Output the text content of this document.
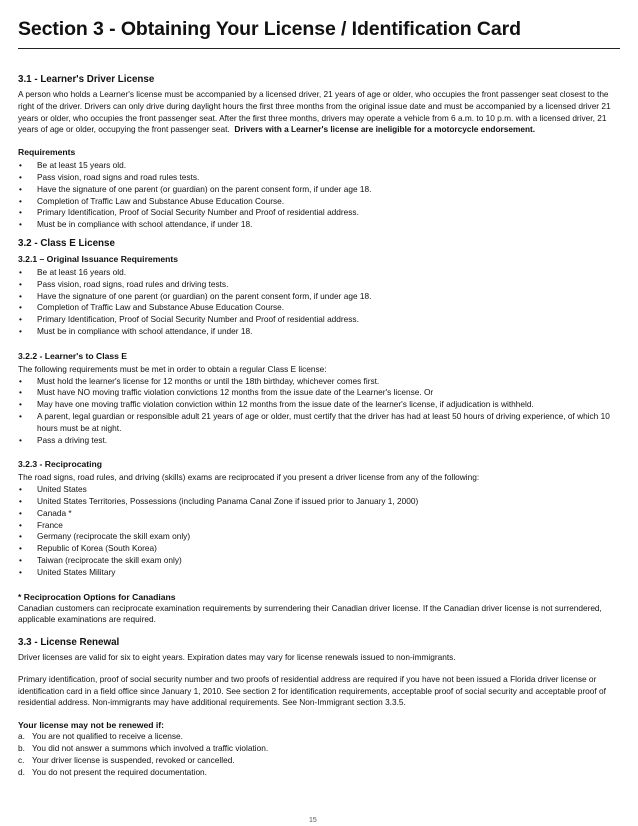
Section 3 - Obtaining Your License / Identification Card
3.1 - Learner's Driver License

A person who holds a Learner's license must be accompanied by a licensed driver, 21 years of age or older, who occupies the front passenger seat closest to the right of the driver. Drivers can only drive during daylight hours the first three months from the original issue date and must be accompanied by a licensed driver 21 years or older, who occupies the front passenger seat. After the first three months, drivers may operate a vehicle from 6 a.m. to 10 p.m. with a licensed driver, 21 years of age or older, occupying the front passenger seat. Drivers with a Learner's license are ineligible for a motorcycle endorsement.

Requirements
• Be at least 15 years old.
• Pass vision, road signs and road rules tests.
• Have the signature of one parent (or guardian) on the parent consent form, if under age 18.
• Completion of Traffic Law and Substance Abuse Education Course.
• Primary Identification, Proof of Social Security Number and Proof of residential address.
• Must be in compliance with school attendance, if under 18.
3.2 - Class E License
3.2.1 – Original Issuance Requirements
• Be at least 16 years old.
• Pass vision, road signs, road rules and driving tests.
• Have the signature of one parent (or guardian) on the parent consent form, if under age 18.
• Completion of Traffic Law and Substance Abuse Education Course.
• Primary Identification, Proof of Social Security Number and Proof of residential address.
• Must be in compliance with school attendance, if under 18.
3.2.2 - Learner's to Class E

The following requirements must be met in order to obtain a regular Class E license:

• Must hold the learner's license for 12 months or until the 18th birthday, whichever comes first.
• Must have NO moving traffic violation convictions 12 months from the issue date of the Learner's license. Or
• May have one moving traffic violation conviction within 12 months from the issue date of the learner's license, if adjudication is withheld.
• A parent, legal guardian or responsible adult 21 years of age or older, must certify that the driver has had at least 50 hours of driving experience, of which 10 hours must be at night.
• Pass a driving test.
3.2.3 - Reciprocating

The road signs, road rules, and driving (skills) exams are reciprocated if you present a driver license from any of the following:

• United States
• United States Territories, Possessions (including Panama Canal Zone if issued prior to January 1, 2000)
• Canada *
• France
• Germany (reciprocate the skill exam only)
• Republic of Korea (South Korea)
• Taiwan (reciprocate the skill exam only)
• United States Military
* Reciprocation Options for Canadians

Canadian customers can reciprocate examination requirements by surrendering their Canadian driver license. If the Canadian driver license is not surrendered, applicable examinations are required.

3.3 - License Renewal

Driver licenses are valid for six to eight years. Expiration dates may vary for license renewals issued to non-immigrants.

Primary identification, proof of social security number and two proofs of residential address are required if you have not been issued a Florida driver license or identification card in a field office since January 1, 2010. See section 2 for identification requirements, acceptable proof of social security and acceptable proof of residential address. Non-immigrants may have additional requirements. See Non-Immigrant section 3.3.5.

Your license may not be renewed if:
a. You are not qualified to receive a license.
b. You did not answer a summons which involved a traffic violation.
c. Your driver license is suspended, revoked or cancelled.
d. You do not present the required documentation.
15
